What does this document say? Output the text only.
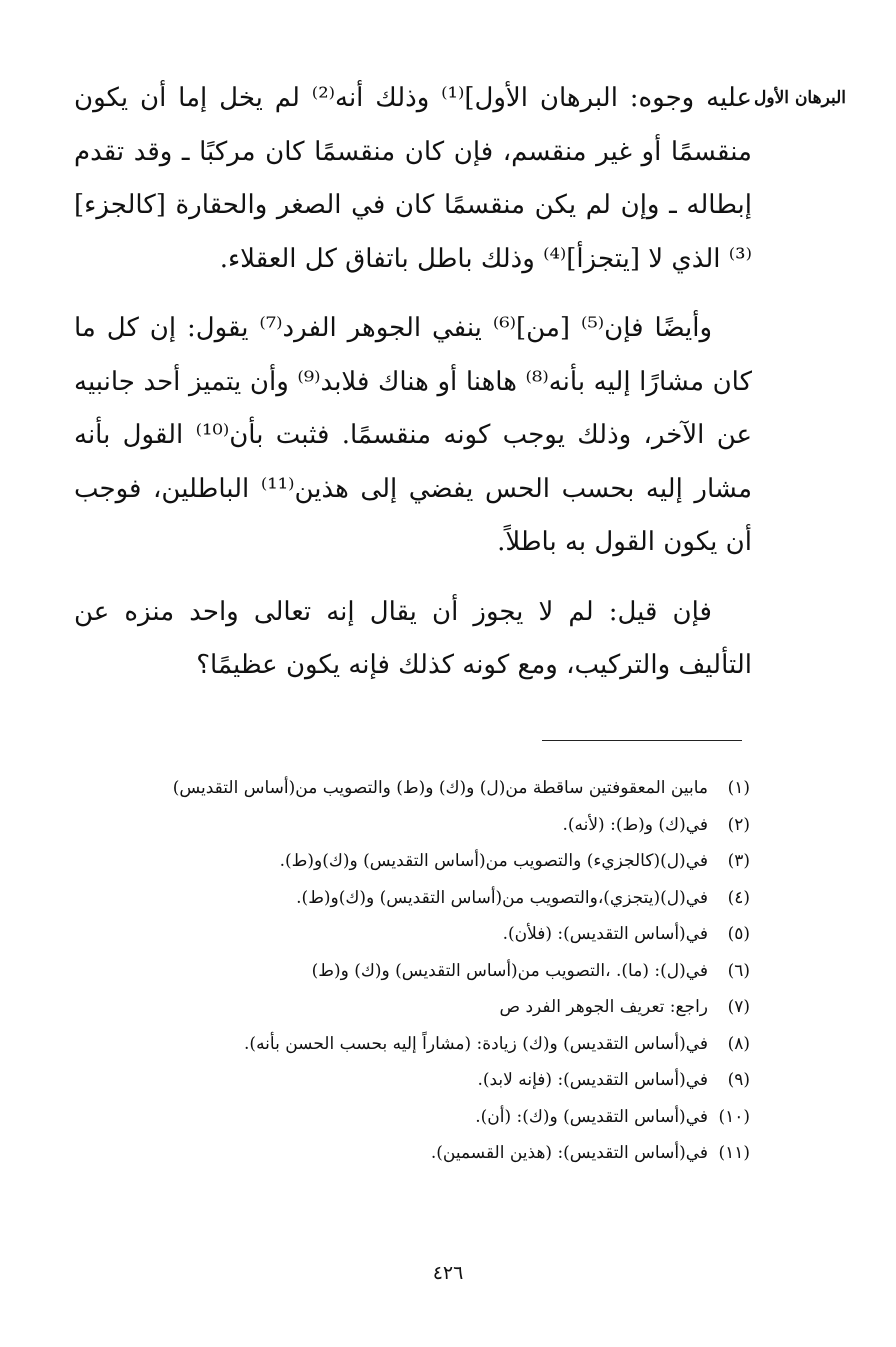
البرهان الأول

عليه وجوه: البرهان الأول]⁽¹⁾ وذلك أنه⁽²⁾ لم يخل إما أن يكون منقسمًا أو غير منقسم، فإن كان منقسمًا كان مركبًا ـ وقد تقدم إبطاله ـ وإن لم يكن منقسمًا كان في الصغر والحقارة [كالجزء]⁽³⁾ الذي لا [يتجزأ]⁽⁴⁾ وذلك باطل باتفاق كل العقلاء.

وأيضًا فإن⁽⁵⁾ [من]⁽⁶⁾ ينفي الجوهر الفرد⁽⁷⁾ يقول: إن كل ما كان مشارًا إليه بأنه⁽⁸⁾ هاهنا أو هناك فلابد⁽⁹⁾ وأن يتميز أحد جانبيه عن الآخر، وذلك يوجب كونه منقسمًا. فثبت بأن⁽¹⁰⁾ القول بأنه مشار إليه بحسب الحس يفضي إلى هذين⁽¹¹⁾ الباطلين، فوجب أن يكون القول به باطلاً.

فإن قيل: لم لا يجوز أن يقال إنه تعالى واحد منزه عن التأليف والتركيب، ومع كونه كذلك فإنه يكون عظيمًا؟

(١)
مابين المعقوفتين ساقطة من(ل) و(ك) و(ط) والتصويب من(أساس التقديس)
(٢)
في(ك) و(ط): (لأنه).
(٣)
في(ل)(كالجزيء) والتصويب من(أساس التقديس) و(ك)و(ط).
(٤)
في(ل)(يتجزي)،والتصويب من(أساس التقديس) و(ك)و(ط).
(٥)
في(أساس التقديس): (فلأن).
(٦)
في(ل): (ما). ،التصويب من(أساس التقديس) و(ك) و(ط)
(٧)
راجع: تعريف الجوهر الفرد ص
(٨)
في(أساس التقديس) و(ك) زيادة: (مشاراً إليه بحسب الحسن بأنه).
(٩)
في(أساس التقديس): (فإنه لابد).
(١٠)
في(أساس التقديس) و(ك): (أن).
(١١)
في(أساس التقديس): (هذين القسمين).
٤٢٦
